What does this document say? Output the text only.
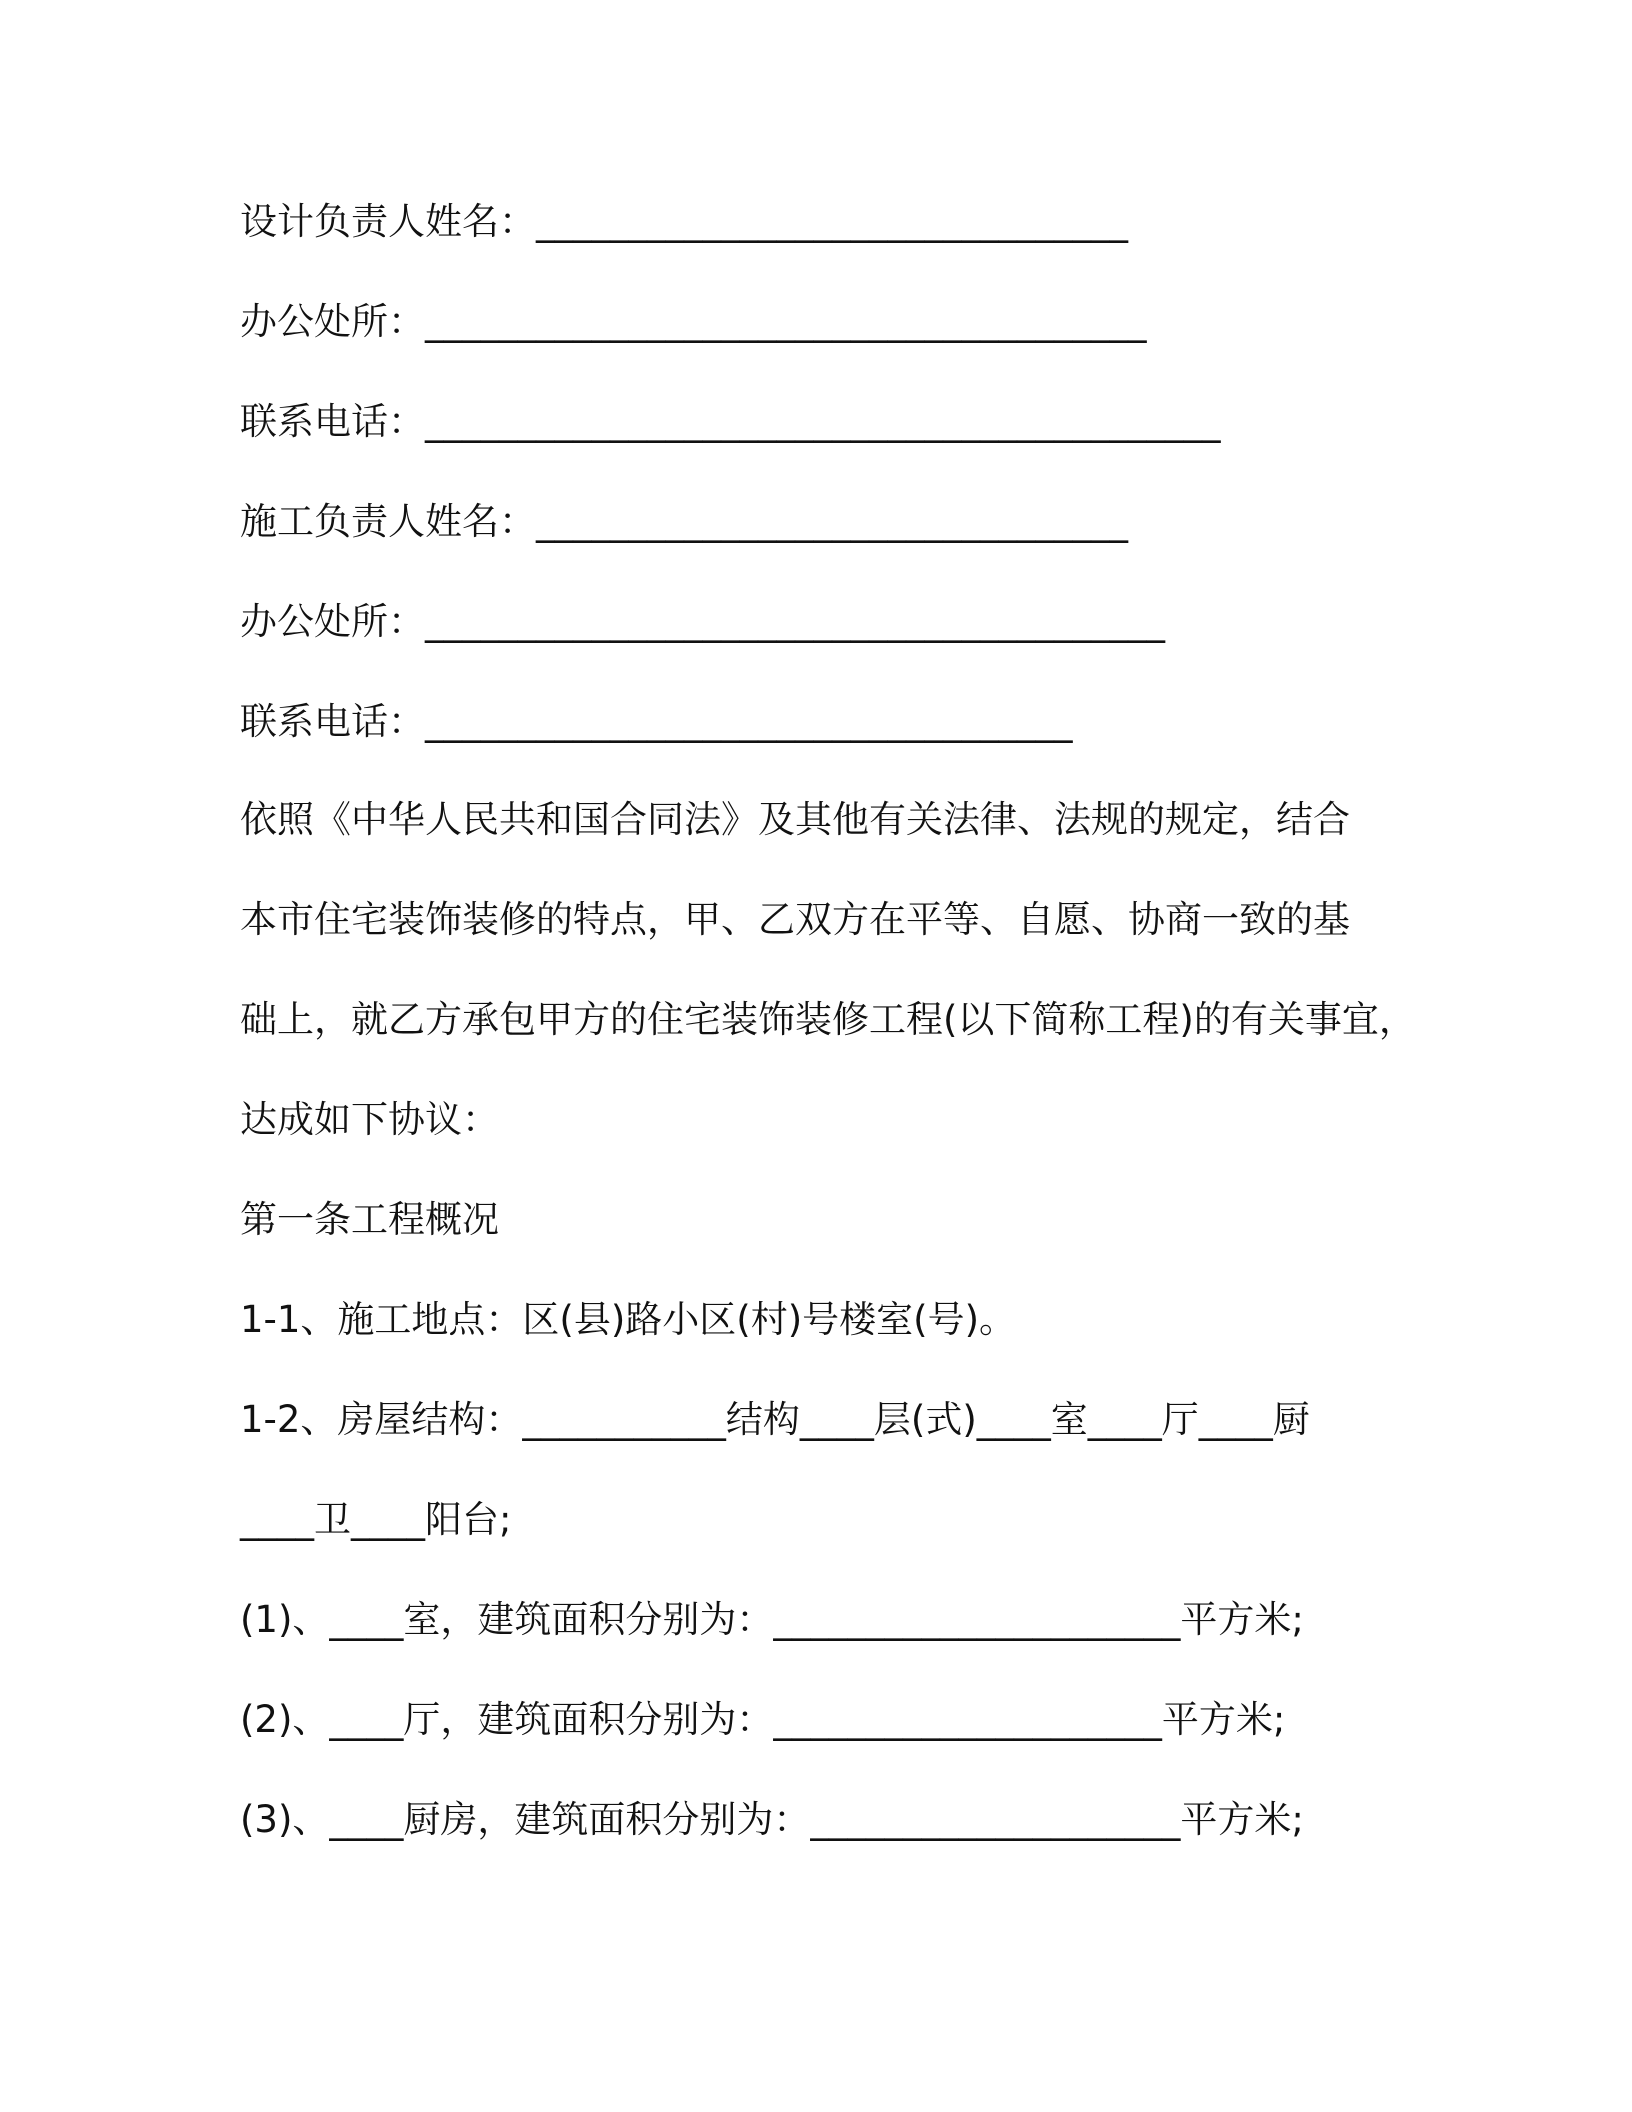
设计负责人姓名：________________________________
办公处所：_______________________________________
联系电话：___________________________________________
施工负责人姓名：________________________________
办公处所：________________________________________
联系电话：___________________________________
依照《中华人民共和国合同法》及其他有关法律、法规的规定，结合
本市住宅装饰装修的特点，甲、乙双方在平等、自愿、协商一致的基
础上，就乙方承包甲方的住宅装饰装修工程(以下简称工程)的有关事宜，
达成如下协议：
第一条工程概况
1-1、施工地点：区(县)路小区(村)号楼室(号)。
1-2、房屋结构：___________结构____层(式)____室____厅____厨
____卫____阳台;
(1)、____室，建筑面积分别为：______________________平方米;
(2)、____厅，建筑面积分别为：_____________________平方米;
(3)、____厨房，建筑面积分别为：____________________平方米;
